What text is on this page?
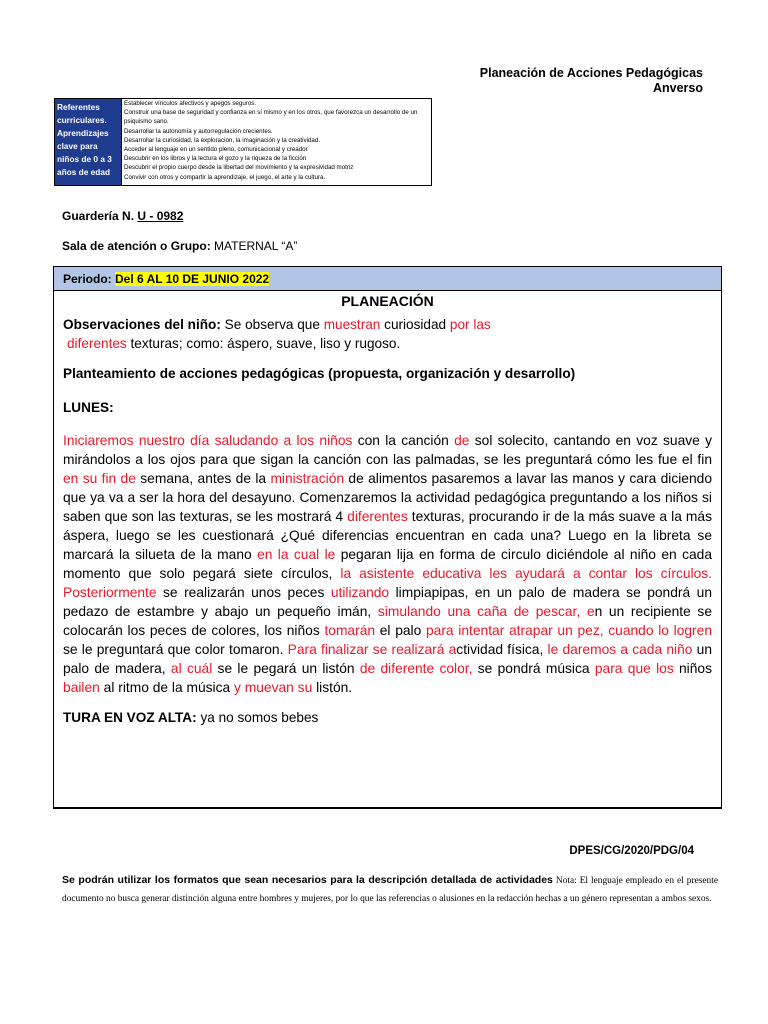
Planeación de Acciones Pedagógicas
Anverso
Referentes curriculares. Aprendizajes clave para niños de 0 a 3 años de edad
Establecer vínculos afectivos y apegos seguros.
Construir una base de seguridad y confianza en sí mismo y en los otros, que favorezca un desarrollo de un psiquismo sano.
Desarrollar la autonomía y autorregulación crecientes.
Desarrollar la curiosidad, la exploración, la imaginación y la creatividad.
Acceder al lenguaje en un sentido pleno, comunicacional y creador
Descubrir en los libros y la lectura el gozo y la riqueza de la ficción
Descubrir el propio cuerpo desde la libertad del movimiento y la expresividad motriz
Convivir con otros y compartir la aprendizaje, el juego, el arte y la cultura.
Guardería N. U - 0982
Sala de atención o Grupo: MATERNAL “A”
Periodo: Del 6 AL 10 DE JUNIO 2022
PLANEACIÓN
Observaciones del niño: Se observa que muestran curiosidad por las
diferentes texturas; como: áspero, suave, liso y rugoso.
Planteamiento de acciones pedagógicas (propuesta, organización y desarrollo)
LUNES:
Iniciaremos nuestro día saludando a los niños con la canción de sol solecito, cantando en voz suave y mirándolos a los ojos para que sigan la canción con las palmadas, se les preguntará cómo les fue el fin en su fin de semana, antes de la ministración de alimentos pasaremos a lavar las manos y cara diciendo que ya va a ser la hora del desayuno. Comenzaremos la actividad pedagógica preguntando a los niños si saben que son las texturas, se les mostrará 4 diferentes texturas, procurando ir de la más suave a la más áspera, luego se les cuestionará ¿Qué diferencias encuentran en cada una? Luego en la libreta se marcará la silueta de la mano en la cual le pegaran lija en forma de circulo diciéndole al niño en cada momento que solo pegará siete círculos, la asistente educativa les ayudará a contar los círculos. Posteriormente se realizarán unos peces utilizando limpiapipas, en un palo de madera se pondrá un pedazo de estambre y abajo un pequeño imán, simulando una caña de pescar, en un recipiente se colocarán los peces de colores, los niños tomarán el palo para intentar atrapar un pez, cuando lo logren se le preguntará que color tomaron. Para finalizar se realizará actividad física, le daremos a cada niño un palo de madera, al cuál se le pegará un listón de diferente color, se pondrá música para que los niños bailen al ritmo de la música y muevan su listón.
TURA EN VOZ ALTA: ya no somos bebes
DPES/CG/2020/PDG/04
Se podrán utilizar los formatos que sean necesarios para la descripción detallada de actividades Nota: El lenguaje empleado en el presente documento no busca generar distinción alguna entre hombres y mujeres, por lo que las referencias o alusiones en la redacción hechas a un género representan a ambos sexos.
